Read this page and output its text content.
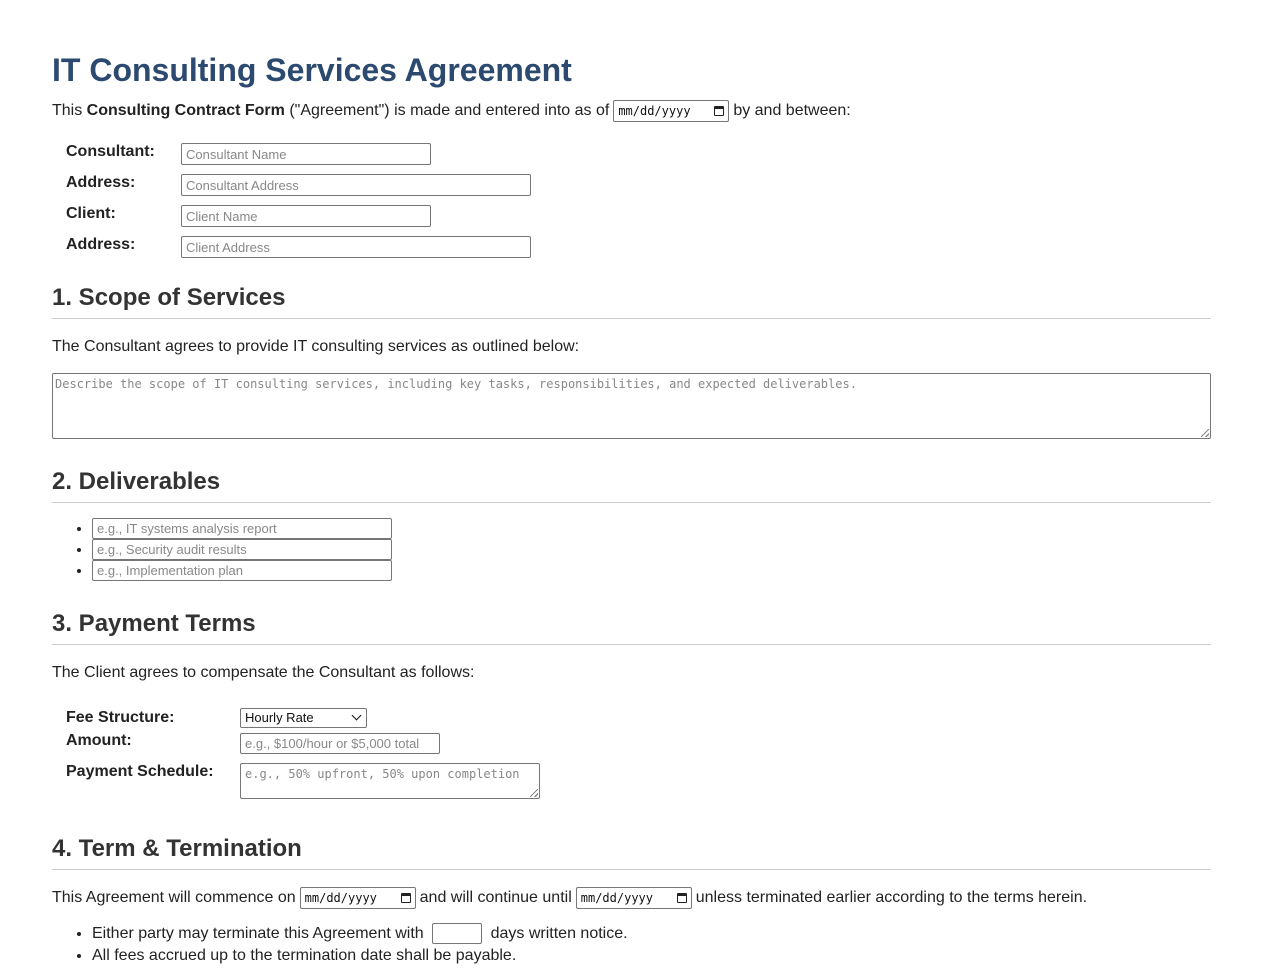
IT Consulting Services Agreement
This Consulting Contract Form ("Agreement") is made and entered into as of mm/dd/yyyy	by and between:
Consultant:	Consultant Name
Address:	Consultant Address
Client:	Client Name
Address:	Client Address
1. Scope of Services
The Consultant agrees to provide IT consulting services as outlined below:
Describe the scope of IT consulting services, including key tasks, responsibilities, and expected deliverables.
2. Deliverables
• e.g., IT systems analysis report
• e.g., Security audit results
• e.g., Implementation plan
3. Payment Terms
The Client agrees to compensate the Consultant as follows:
Fee Structure:	Hourly Rate
Amount:	e.g., $100/hour or $5,000 total
Payment Schedule:	e.g., 50% upfront, 50% upon completion
4. Term & Termination
This Agreement will commence on mm/dd/yyyy	and will continue until mm/dd/yyyy	unless terminated earlier according to the terms herein.
• Either party may terminate this Agreement with	days written notice.
• All fees accrued up to the termination date shall be payable.
